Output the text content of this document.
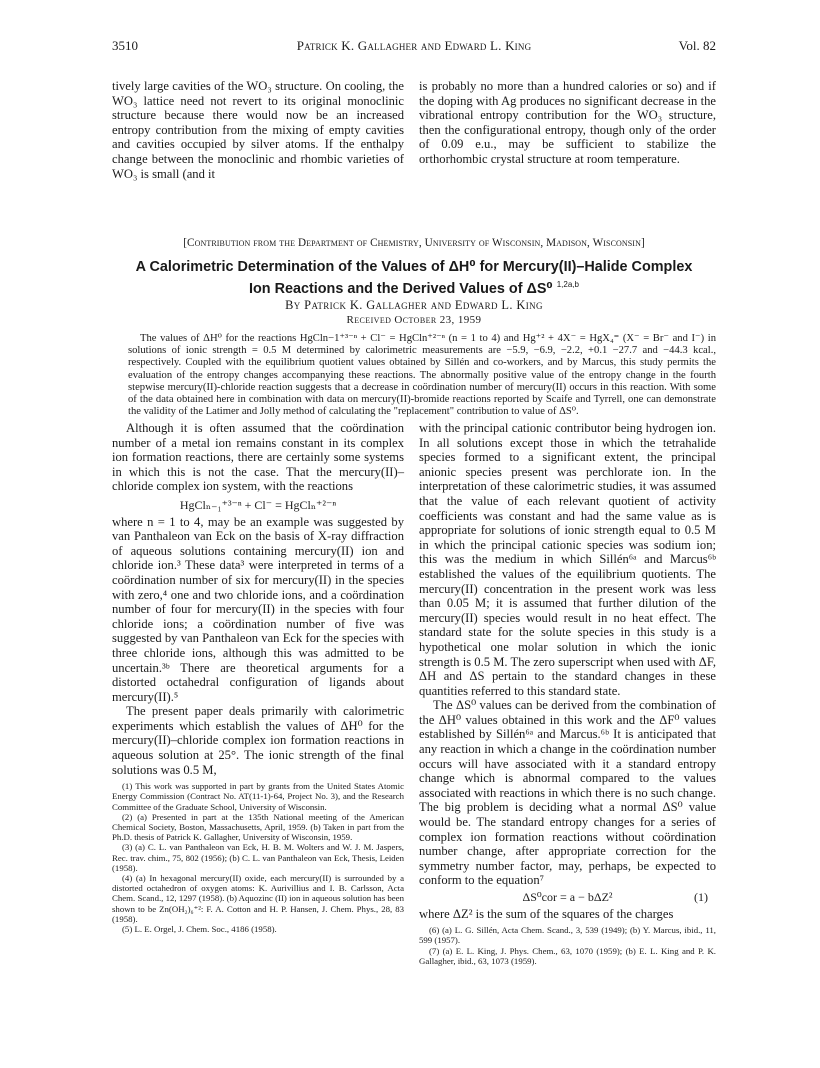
3510	Patrick K. Gallagher and Edward L. King	Vol. 82

tively large cavities of the WO₃ structure. On cooling, the WO₃ lattice need not revert to its original monoclinic structure because there would now be an increased entropy contribution from the mixing of empty cavities and cavities occupied by silver atoms. If the enthalpy change between the monoclinic and rhombic varieties of WO₃ is small (and it

is probably no more than a hundred calories or so) and if the doping with Ag produces no significant decrease in the vibrational entropy contribution for the WO₃ structure, then the configurational entropy, though only of the order of 0.09 e.u., may be sufficient to stabilize the orthorhombic crystal structure at room temperature.

[Contribution from the Department of Chemistry, University of Wisconsin, Madison, Wisconsin]
A Calorimetric Determination of the Values of ΔH⁰ for Mercury(II)–Halide Complex
Ion Reactions and the Derived Values of ΔS⁰ $^{1,2a,b}$
By Patrick K. Gallagher and Edward L. King
Received October 23, 1959

The values of ΔH⁰ for the reactions HgCln−1⁺³⁻ⁿ + Cl⁻ = HgCln⁺²⁻ⁿ (n = 1 to 4) and Hg⁺² + 4X⁻ = HgX₄⁼ (X⁻ = Br⁻ and I⁻) in solutions of ionic strength = 0.5 M determined by calorimetric measurements are −5.9, −6.9, −2.2, +0.1 −27.7 and −44.3 kcal., respectively. Coupled with the equilibrium quotient values obtained by Sillén and co-workers, and by Marcus, this study permits the evaluation of the entropy changes accompanying these reactions. The abnormally positive value of the entropy change in the fourth stepwise mercury(II)-chloride reaction suggests that a decrease in coördination number of mercury(II) occurs in this reaction. With some of the data obtained here in combination with data on mercury(II)-bromide reactions reported by Scaife and Tyrrell, one can demonstrate the validity of the Latimer and Jolly method of calculating the "replacement" contribution to value of ΔS⁰.

Although it is often assumed that the coördination number of a metal ion remains constant in its complex ion formation reactions, there are certainly some systems in which this is not the case. That the mercury(II)–chloride complex ion system, with the reactions

HgClₙ₋₁⁺³⁻ⁿ + Cl⁻ = HgClₙ⁺²⁻ⁿ

where n = 1 to 4, may be an example was suggested by van Panthaleon van Eck on the basis of X-ray diffraction of aqueous solutions containing mercury(II) ion and chloride ion.³ These data³ were interpreted in terms of a coördination number of six for mercury(II) in the species with zero,⁴ one and two chloride ions, and a coördination number of four for mercury(II) in the species with four chloride ions; a coördination number of five was suggested by van Panthaleon van Eck for the species with three chloride ions, although this was admitted to be uncertain.³ᵇ There are theoretical arguments for a distorted octahedral configuration of ligands about mercury(II).⁵

The present paper deals primarily with calorimetric experiments which establish the values of ΔH⁰ for the mercury(II)–chloride complex ion formation reactions in aqueous solution at 25°. The ionic strength of the final solutions was 0.5 M,

(1) This work was supported in part by grants from the United States Atomic Energy Commission (Contract No. AT(11-1)-64, Project No. 3), and the Research Committee of the Graduate School, University of Wisconsin.

(2) (a) Presented in part at the 135th National meeting of the American Chemical Society, Boston, Massachusetts, April, 1959. (b) Taken in part from the Ph.D. thesis of Patrick K. Gallagher, University of Wisconsin, 1959.

(3) (a) C. L. van Panthaleon van Eck, H. B. M. Wolters and W. J. M. Jaspers, Rec. trav. chim., 75, 802 (1956); (b) C. L. van Panthaleon van Eck, Thesis, Leiden (1958).

(4) (a) In hexagonal mercury(II) oxide, each mercury(II) is surrounded by a distorted octahedron of oxygen atoms: K. Aurivillius and I. B. Carlsson, Acta Chem. Scand., 12, 1297 (1958). (b) Aquozinc (II) ion in aqueous solution has been shown to be Zn(OH₂)₆⁺²: F. A. Cotton and H. P. Hansen, J. Chem. Phys., 28, 83 (1958).

(5) L. E. Orgel, J. Chem. Soc., 4186 (1958).

with the principal cationic contributor being hydrogen ion. In all solutions except those in which the tetrahalide species formed to a significant extent, the principal anionic species present was perchlorate ion. In the interpretation of these calorimetric studies, it was assumed that the value of each relevant quotient of activity coefficients was constant and had the same value as is appropriate for solutions of ionic strength equal to 0.5 M in which the principal cationic species was sodium ion; this was the medium in which Sillén⁶ᵃ and Marcus⁶ᵇ established the values of the equilibrium quotients. The mercury(II) concentration in the present work was less than 0.05 M; it is assumed that further dilution of the mercury(II) species would result in no heat effect. The standard state for the solute species in this study is a hypothetical one molar solution in which the ionic strength is 0.5 M. The zero superscript when used with ΔF, ΔH and ΔS pertain to the standard changes in these quantities referred to this standard state.

The ΔS⁰ values can be derived from the combination of the ΔH⁰ values obtained in this work and the ΔF⁰ values established by Sillén⁶ᵃ and Marcus.⁶ᵇ It is anticipated that any reaction in which a change in the coördination number occurs will have associated with it a standard entropy change which is abnormal compared to the values associated with reactions in which there is no such change. The big problem is deciding what a normal ΔS⁰ value would be. The standard entropy changes for a series of complex ion formation reactions without coördination number change, after appropriate correction for the symmetry number factor, may, perhaps, be expected to conform to the equation⁷

ΔS⁰cor = a − bΔZ²	(1)

where ΔZ² is the sum of the squares of the charges

(6) (a) L. G. Sillén, Acta Chem. Scand., 3, 539 (1949); (b) Y. Marcus, ibid., 11, 599 (1957).

(7) (a) E. L. King, J. Phys. Chem., 63, 1070 (1959); (b) E. L. King and P. K. Gallagher, ibid., 63, 1073 (1959).
